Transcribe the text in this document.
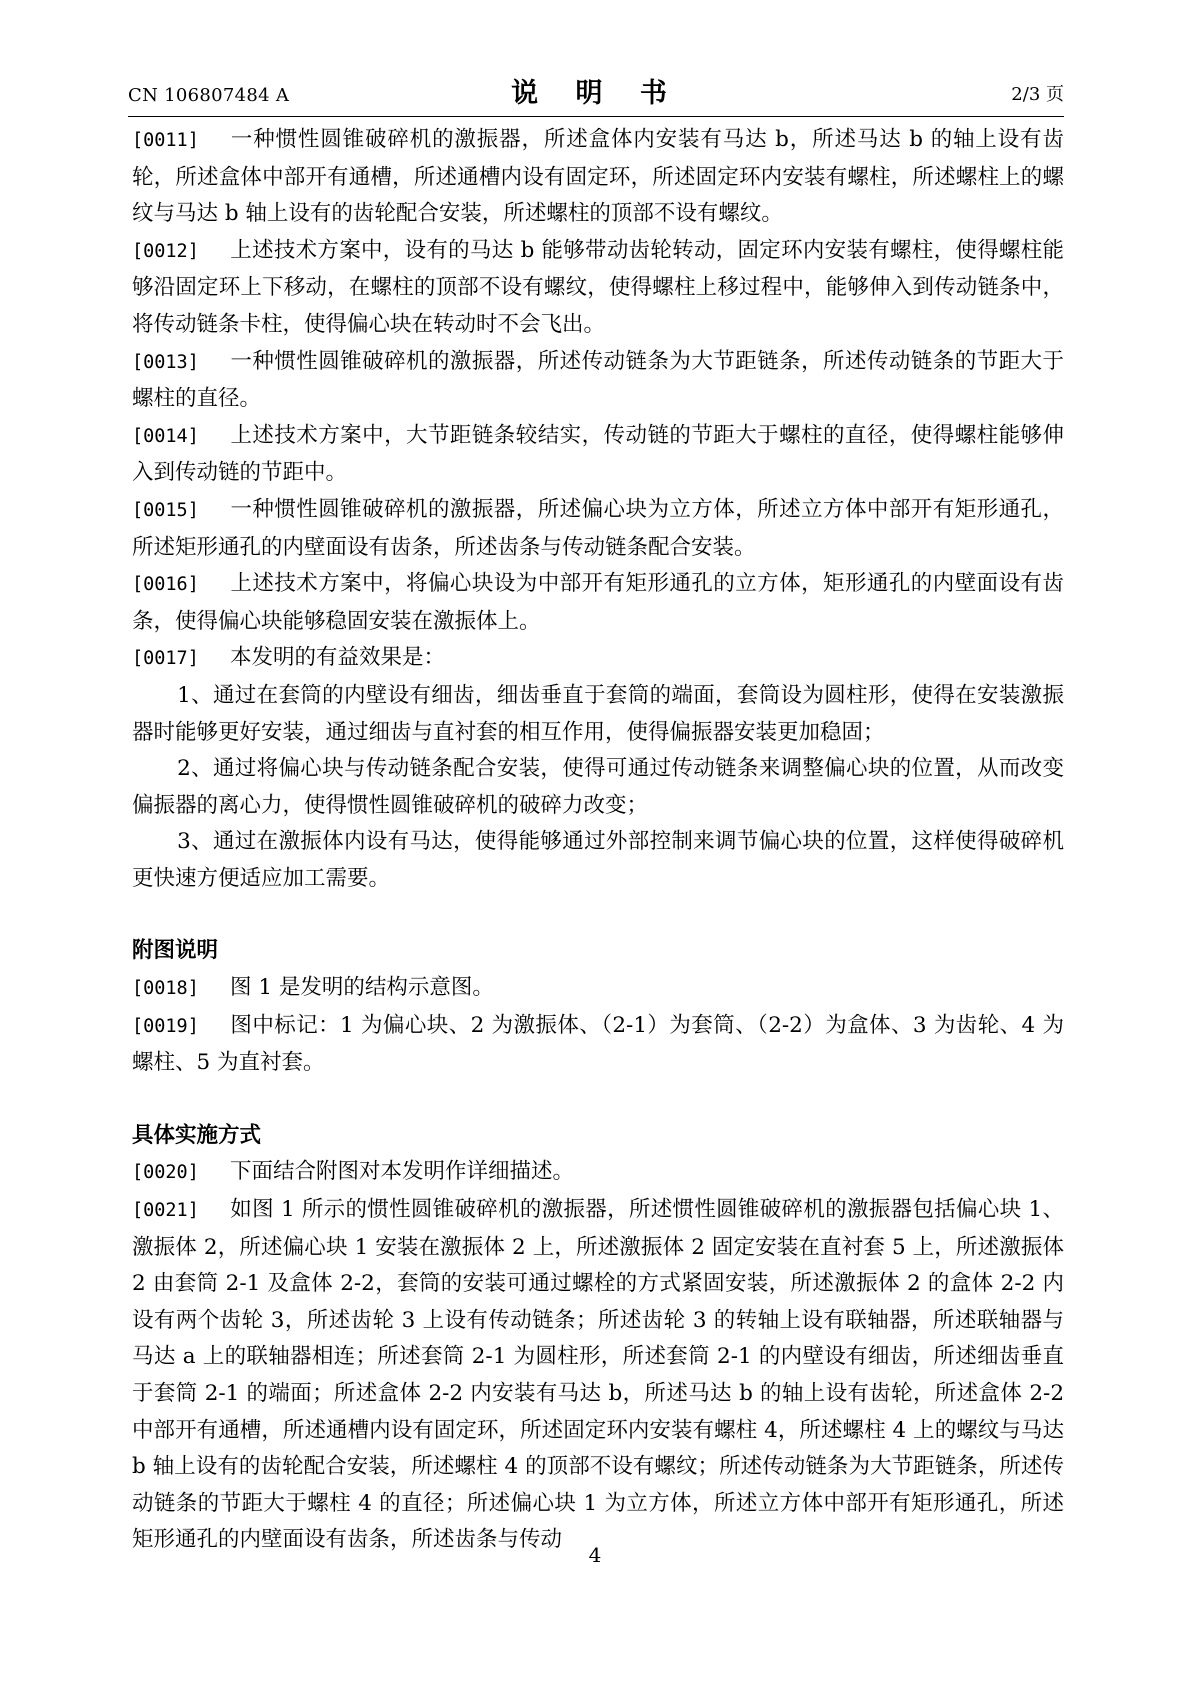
CN 106807484 A	说 明 书	2/3 页

[0011] 一种惯性圆锥破碎机的激振器，所述盒体内安装有马达 b，所述马达 b 的轴上设有齿轮，所述盒体中部开有通槽，所述通槽内设有固定环，所述固定环内安装有螺柱，所述螺柱上的螺纹与马达 b 轴上设有的齿轮配合安装，所述螺柱的顶部不设有螺纹。

[0012] 上述技术方案中，设有的马达 b 能够带动齿轮转动，固定环内安装有螺柱，使得螺柱能够沿固定环上下移动，在螺柱的顶部不设有螺纹，使得螺柱上移过程中，能够伸入到传动链条中，将传动链条卡柱，使得偏心块在转动时不会飞出。

[0013] 一种惯性圆锥破碎机的激振器，所述传动链条为大节距链条，所述传动链条的节距大于螺柱的直径。

[0014] 上述技术方案中，大节距链条较结实，传动链的节距大于螺柱的直径，使得螺柱能够伸入到传动链的节距中。

[0015] 一种惯性圆锥破碎机的激振器，所述偏心块为立方体，所述立方体中部开有矩形通孔，所述矩形通孔的内壁面设有齿条，所述齿条与传动链条配合安装。

[0016] 上述技术方案中，将偏心块设为中部开有矩形通孔的立方体，矩形通孔的内壁面设有齿条，使得偏心块能够稳固安装在激振体上。

[0017] 本发明的有益效果是：

1、通过在套筒的内壁设有细齿，细齿垂直于套筒的端面，套筒设为圆柱形，使得在安装激振器时能够更好安装，通过细齿与直衬套的相互作用，使得偏振器安装更加稳固；

2、通过将偏心块与传动链条配合安装，使得可通过传动链条来调整偏心块的位置，从而改变偏振器的离心力，使得惯性圆锥破碎机的破碎力改变；

3、通过在激振体内设有马达，使得能够通过外部控制来调节偏心块的位置，这样使得破碎机更快速方便适应加工需要。

附图说明

[0018] 图 1 是发明的结构示意图。

[0019] 图中标记：1 为偏心块、2 为激振体、（2-1）为套筒、（2-2）为盒体、3 为齿轮、4 为螺柱、5 为直衬套。

具体实施方式

[0020] 下面结合附图对本发明作详细描述。

[0021] 如图 1 所示的惯性圆锥破碎机的激振器，所述惯性圆锥破碎机的激振器包括偏心块 1、激振体 2，所述偏心块 1 安装在激振体 2 上，所述激振体 2 固定安装在直衬套 5 上，所述激振体 2 由套筒 2-1 及盒体 2-2，套筒的安装可通过螺栓的方式紧固安装，所述激振体 2 的盒体 2-2 内设有两个齿轮 3，所述齿轮 3 上设有传动链条；所述齿轮 3 的转轴上设有联轴器，所述联轴器与马达 a 上的联轴器相连；所述套筒 2-1 为圆柱形，所述套筒 2-1 的内壁设有细齿，所述细齿垂直于套筒 2-1 的端面；所述盒体 2-2 内安装有马达 b，所述马达 b 的轴上设有齿轮，所述盒体 2-2 中部开有通槽，所述通槽内设有固定环，所述固定环内安装有螺柱 4，所述螺柱 4 上的螺纹与马达 b 轴上设有的齿轮配合安装，所述螺柱 4 的顶部不设有螺纹；所述传动链条为大节距链条，所述传动链条的节距大于螺柱 4 的直径；所述偏心块 1 为立方体，所述立方体中部开有矩形通孔，所述矩形通孔的内壁面设有齿条，所述齿条与传动

4
